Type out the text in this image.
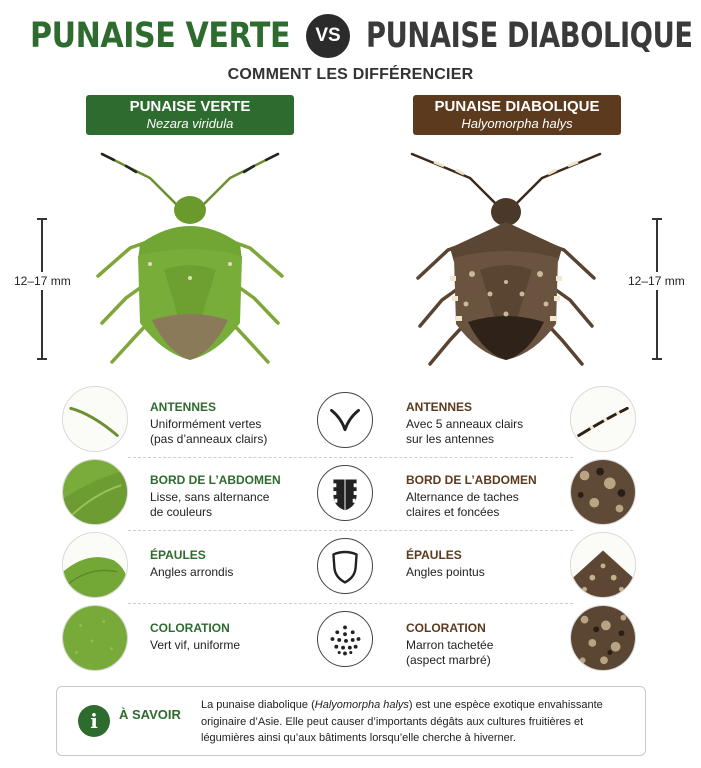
PUNAISE VERTE	VS PUNAISE DIABOLIQUE
COMMENT LES DIFFÉRENCIER
PUNAISE VERTE
Nezara viridula
PUNAISE DIABOLIQUE
Halyomorpha halys
12–17 mm	12–17 mm
ANTENNES
Uniformément vertes
(pas d’anneaux clairs)
ANTENNES
Avec 5 anneaux clairs
sur les antennes
BORD DE L’ABDOMEN
Lisse, sans alternance
de couleurs
BORD DE L’ABDOMEN
Alternance de taches
claires et foncées
ÉPAULES
Angles arrondis
ÉPAULES
Angles pointus
COLORATION
Vert vif, uniforme
COLORATION
Marron tachetée
(aspect marbré)
i	À SAVOIR
La punaise diabolique (Halyomorpha halys) est une espèce exotique envahissante originaire d’Asie. Elle peut causer d’importants dégâts aux cultures fruitières et légumières ainsi qu’aux bâtiments lorsqu’elle cherche à hiverner.
